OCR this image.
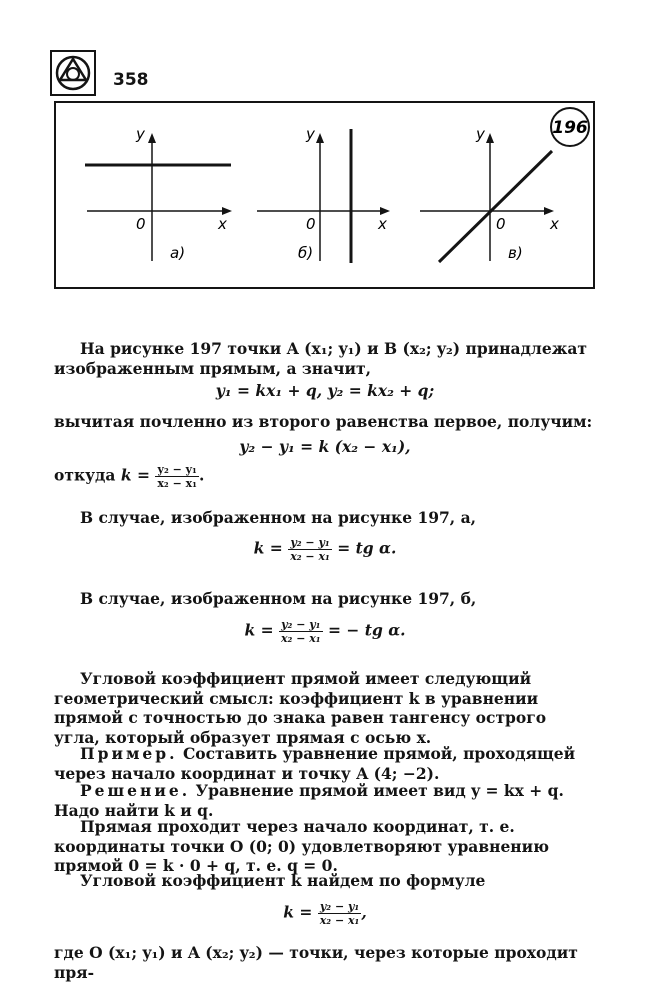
358
196
y
x
0
а)
y
x
0
б)
y
x
0
в)
На рисунке 197 точки A (x₁; y₁) и B (x₂; y₂) принадлежат изображенным прямым, а значит,
y₁ = kx₁ + q, y₂ = kx₂ + q;
вычитая почленно из второго равенства первое, получим:
y₂ − y₁ = k (x₂ − x₁),
откуда $k = \frac{\text{y₂ − y₁}}{\text{x₂ − x₁}}$ .
В случае, изображенном на рисунке 197, а,
$k = \frac{\text{y₂ − y₁}}{\text{x₂ − x₁}}$ = tg α.
В случае, изображенном на рисунке 197, б,
$k = \frac{\text{y₂ − y₁}}{\text{x₂ − x₁}}$ = − tg α.
Угловой коэффициент прямой имеет следующий геометрический смысл: коэффициент k в уравнении прямой с точностью до знака равен тангенсу острого угла, который образует прямая с осью x.
Пример. Составить уравнение прямой, проходящей через начало координат и точку A (4; −2).
Решение. Уравнение прямой имеет вид y = kx + q. Надо найти k и q.
Прямая проходит через начало координат, т. е. координаты точки O (0; 0) удовлетворяют уравнению прямой 0 = k · 0 + q, т. е. q = 0.
Угловой коэффициент k найдем по формуле
$k = \frac{\text{y₂ − y₁}}{\text{x₂ − x₁}}$ ,
где O (x₁; y₁) и A (x₂; y₂) — точки, через которые проходит пря-
